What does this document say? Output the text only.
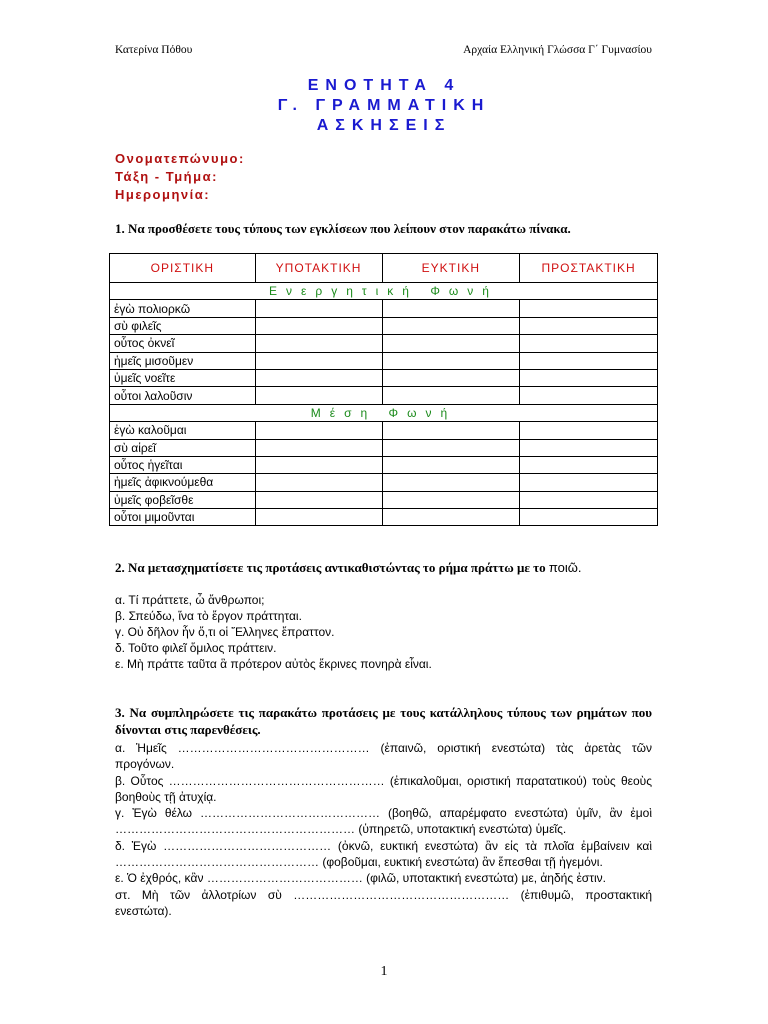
Κατερίνα Πόθου	Αρχαία Ελληνική Γλώσσα Γ΄ Γυμνασίου
ΕΝΟΤΗΤΑ 4
Γ. ΓΡΑΜΜΑΤΙΚΗ
ΑΣΚΗΣΕΙΣ
Ονοματεπώνυμο:
Τάξη - Τμήμα:
Ημερομηνία:
1. Να προσθέσετε τους τύπους των εγκλίσεων που λείπουν στον παρακάτω πίνακα.
ΟΡΙΣΤΙΚΗ	ΥΠΟΤΑΚΤΙΚΗ	ΕΥΚΤΙΚΗ	ΠΡΟΣΤΑΚΤΙΚΗ
Ενεργητική Φωνή			
ἐγὼ πολιορκῶ			
σὺ φιλεῖς			
οὗτος ὀκνεῖ			
ἡμεῖς μισοῦμεν			
ὑμεῖς νοεῖτε			
οὗτοι λαλοῦσιν			
Μέση Φωνή			
ἐγὼ καλοῦμαι			
σὺ αἱρεῖ			
οὗτος ἡγεῖται			
ἡμεῖς ἀφικνούμεθα			
ὑμεῖς φοβεῖσθε			
οὗτοι μιμοῦνται			
2. Να μετασχηματίσετε τις προτάσεις αντικαθιστώντας το ρήμα πράττω με το ποιῶ.
α. Τί πράττετε, ὦ ἄνθρωποι;
β. Σπεύδω, ἵνα τὸ ἔργον πράττηται.
γ. Οὐ δῆλον ἦν ὅ,τι οἱ Ἕλληνες ἔπραττον.
δ. Τοῦτο φιλεῖ ὅμιλος πράττειν.
ε. Μὴ πράττε ταῦτα ἃ πρότερον αὐτὸς ἔκρινες πονηρὰ εἶναι.
3. Να συμπληρώσετε τις παρακάτω προτάσεις με τους κατάλληλους τύπους των ρημάτων που δίνονται στις παρενθέσεις.

α. Ἡμεῖς ………………………………………… (ἐπαινῶ, οριστική ενεστώτα) τὰς ἀρετὰς τῶν προγόνων.

β. Οὗτος ……………………………………………… (ἐπικαλοῦμαι, οριστική παρατατικού) τοὺς θεοὺς βοηθοὺς τῇ ἀτυχίᾳ.

γ. Ἐγὼ θέλω ……………………………………… (βοηθῶ, απαρέμφατο ενεστώτα) ὑμῖν, ἂν ἐμοὶ …………………………………………………… (ὑπηρετῶ, υποτακτική ενεστώτα) ὑμεῖς.

δ. Ἐγὼ …………………………………… (ὀκνῶ, ευκτική ενεστώτα) ἂν εἰς τὰ πλοῖα ἐμβαίνειν καὶ …………………………………………… (φοβοῦμαι, ευκτική ενεστώτα) ἂν ἕπεσθαι τῇ ἡγεμόνι.

ε. Ὁ ἐχθρός, κἂν ………………………………… (φιλῶ, υποτακτική ενεστώτα) με, ἀηδής ἐστιν.

στ. Μὴ τῶν ἀλλοτρίων σὺ ……………………………………………… (ἐπιθυμῶ, προστακτική ενεστώτα).

1
